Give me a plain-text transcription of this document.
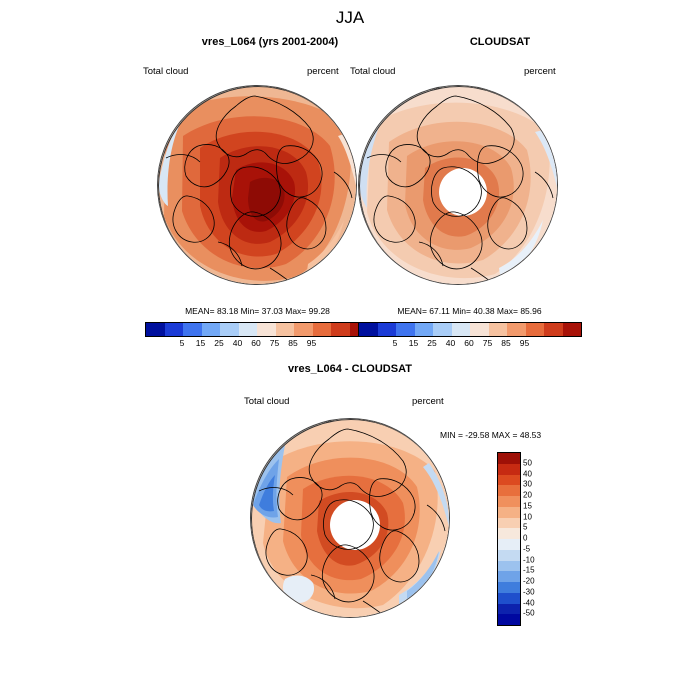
JJA
vres_L064 (yrs 2001-2004)
Total cloud	percent
MEAN= 83.18 Min= 37.03 Max= 99.28
5 15 25 40 60 75 85 95
CLOUDSAT
Total cloud	percent
MEAN= 67.11 Min= 40.38 Max= 85.96
5 15 25 40 60 75 85 95
vres_L064 - CLOUDSAT
Total cloud	percent
MIN = -29.58 MAX = 48.53
50
40
30
20
15
10
5
0
-5
-10
-15
-20
-30
-40
-50
